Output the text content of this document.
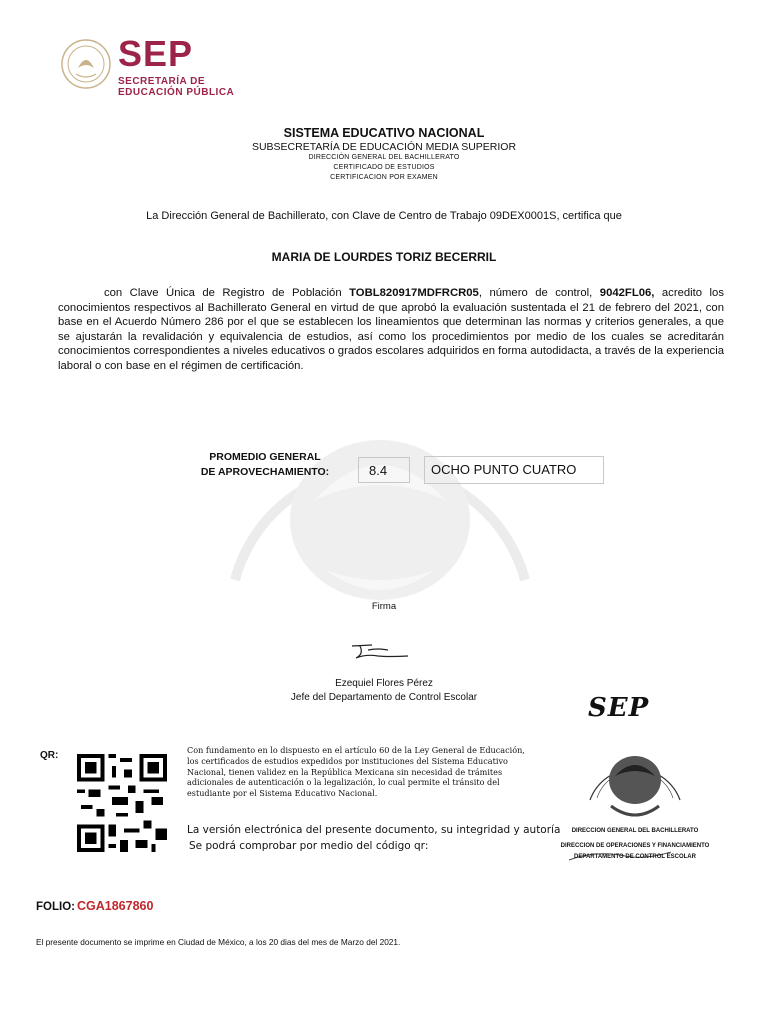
SEP
SECRETARÍA DE
EDUCACIÓN PÚBLICA
SISTEMA EDUCATIVO NACIONAL
SUBSECRETARÍA DE EDUCACIÓN MEDIA SUPERIOR
DIRECCIÓN GENERAL DEL BACHILLERATO
CERTIFICADO DE ESTUDIOS
CERTIFICACION POR EXAMEN
La Dirección General de Bachillerato, con Clave de Centro de Trabajo 09DEX0001S, certifica que
MARIA DE LOURDES TORIZ BECERRIL
con Clave Única de Registro de Población TOBL820917MDFRCR05, número de control, 9042FL06, acredito los conocimientos respectivos al Bachillerato General en virtud de que aprobó la evaluación sustentada el 21 de febrero del 2021, con base en el Acuerdo Número 286 por el que se establecen los lineamientos que determinan las normas y criterios generales, a que se ajustarán la revalidación y equivalencia de estudios, así como los procedimientos por medio de los cuales se acreditarán conocimientos correspondientes a niveles educativos o grados escolares adquiridos en forma autodidacta, a través de la experiencia laboral o con base en el régimen de certificación.
PROMEDIO GENERAL
DE APROVECHAMIENTO:	8.4	OCHO PUNTO CUATRO
Firma
Ezequiel Flores Pérez
Jefe del Departamento de Control Escolar
QR:	Con fundamento en lo dispuesto en el artículo 60 de la Ley General de Educación,
los certificados de estudios expedidos por instituciones del Sistema Educativo
Nacional, tienen validez en la República Mexicana sin necesidad de trámites
adicionales de autenticación o la legalización, lo cual permite el tránsito del
estudiante por el Sistema Educativo Nacional.
La versión electrónica del presente documento, su integridad y autoría
Se podrá comprobar por medio del código qr:
SEP
DIRECCION GENERAL DEL BACHILLERATO
DIRECCION DE OPERACIONES Y FINANCIAMIENTO
DEPARTAMENTO DE CONTROL ESCOLAR
FOLIO: CGA1867860
El presente documento se imprime en Ciudad de México, a los 20 dias del mes de Marzo del 2021.
